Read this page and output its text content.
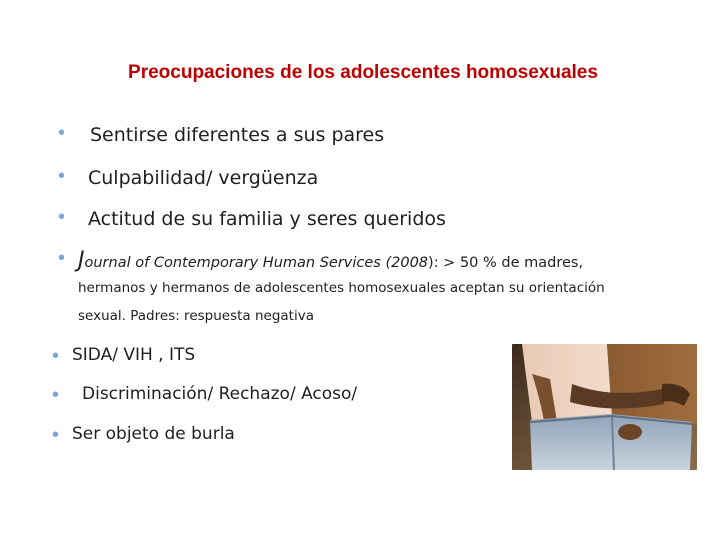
Preocupaciones de los adolescentes homosexuales
• Sentirse diferentes a sus pares
• Culpabilidad/ vergüenza
• Actitud de su familia y seres queridos
• Journal of Contemporary Human Services (2008): > 50 % de madres,
hermanos y hermanos de adolescentes homosexuales aceptan su orientación
sexual. Padres: respuesta negativa
• SIDA/ VIH , ITS
• Discriminación/ Rechazo/ Acoso/
• Ser objeto de burla
